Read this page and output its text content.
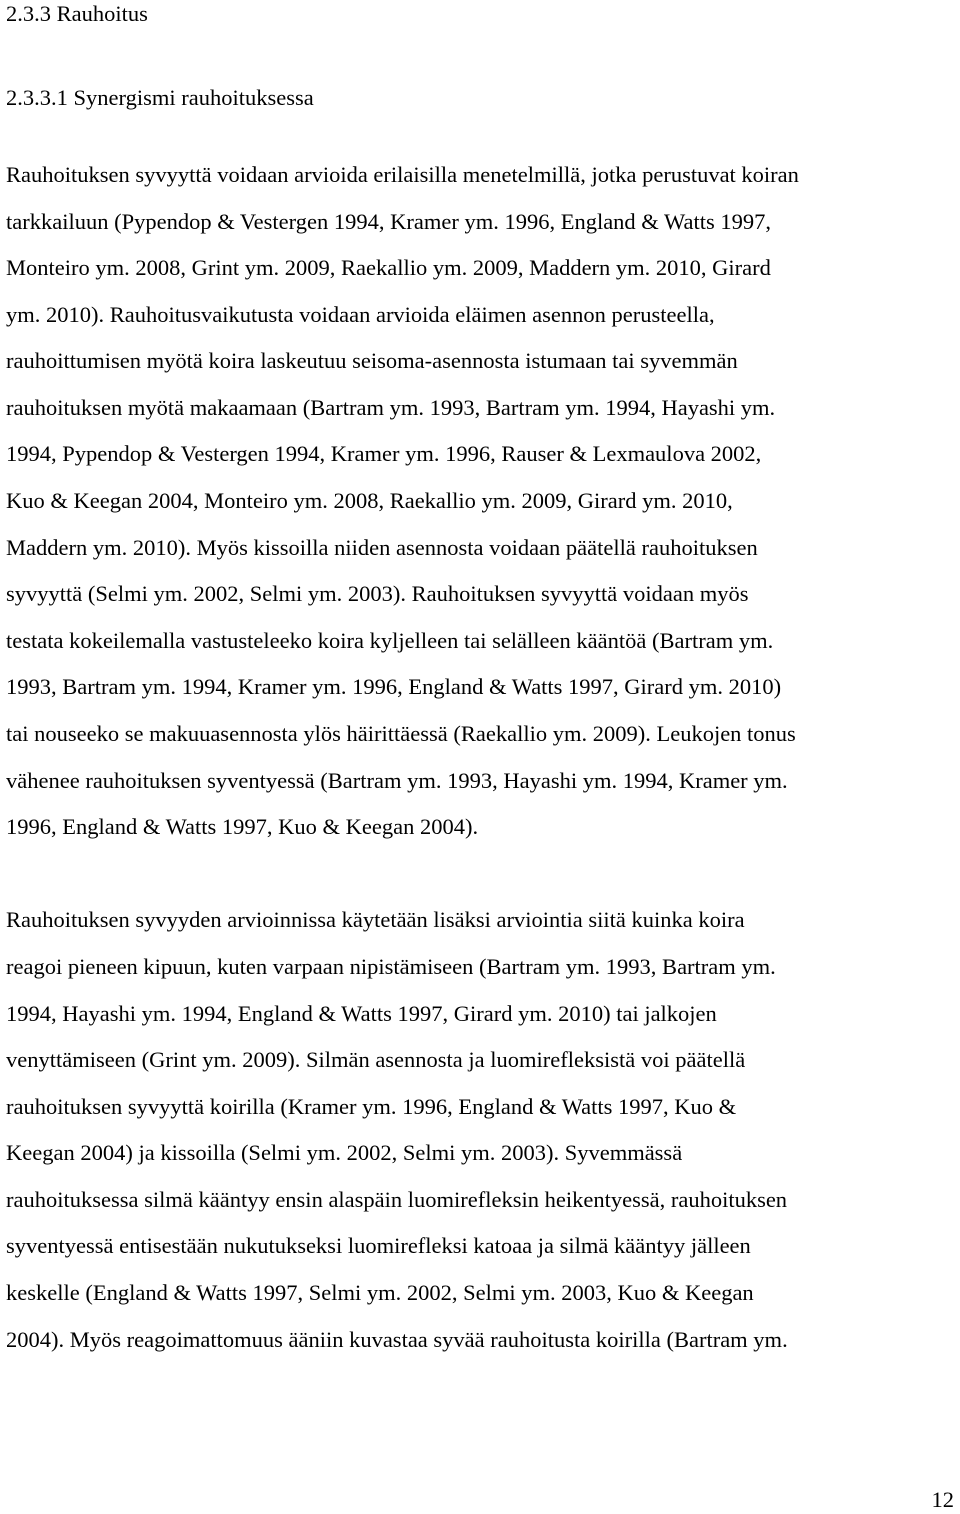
2.3.3 Rauhoitus
2.3.3.1 Synergismi rauhoituksessa
Rauhoituksen syvyyttä voidaan arvioida erilaisilla menetelmillä, jotka perustuvat koiran
tarkkailuun (Pypendop & Vestergen 1994, Kramer ym. 1996, England & Watts 1997,
Monteiro ym. 2008, Grint ym. 2009, Raekallio ym. 2009, Maddern ym. 2010, Girard
ym. 2010). Rauhoitusvaikutusta voidaan arvioida eläimen asennon perusteella,
rauhoittumisen myötä koira laskeutuu seisoma-asennosta istumaan tai syvemmän
rauhoituksen myötä makaamaan (Bartram ym. 1993, Bartram ym. 1994, Hayashi ym.
1994, Pypendop & Vestergen 1994, Kramer ym. 1996, Rauser & Lexmaulova 2002,
Kuo & Keegan 2004, Monteiro ym. 2008, Raekallio ym. 2009, Girard ym. 2010,
Maddern ym. 2010). Myös kissoilla niiden asennosta voidaan päätellä rauhoituksen
syvyyttä (Selmi ym. 2002, Selmi ym. 2003). Rauhoituksen syvyyttä voidaan myös
testata kokeilemalla vastusteleeko koira kyljelleen tai selälleen kääntöä (Bartram ym.
1993, Bartram ym. 1994, Kramer ym. 1996, England & Watts 1997, Girard ym. 2010)
tai nouseeko se makuuasennosta ylös häirittäessä (Raekallio ym. 2009). Leukojen tonus
vähenee rauhoituksen syventyessä (Bartram ym. 1993, Hayashi ym. 1994, Kramer ym.
1996, England & Watts 1997, Kuo & Keegan 2004).
Rauhoituksen syvyyden arvioinnissa käytetään lisäksi arviointia siitä kuinka koira
reagoi pieneen kipuun, kuten varpaan nipistämiseen (Bartram ym. 1993, Bartram ym.
1994, Hayashi ym. 1994, England & Watts 1997, Girard ym. 2010) tai jalkojen
venyttämiseen (Grint ym. 2009). Silmän asennosta ja luomirefleksistä voi päätellä
rauhoituksen syvyyttä koirilla (Kramer ym. 1996, England & Watts 1997, Kuo &
Keegan 2004) ja kissoilla (Selmi ym. 2002, Selmi ym. 2003). Syvemmässä
rauhoituksessa silmä kääntyy ensin alaspäin luomirefleksin heikentyessä, rauhoituksen
syventyessä entisestään nukutukseksi luomirefleksi katoaa ja silmä kääntyy jälleen
keskelle (England & Watts 1997, Selmi ym. 2002, Selmi ym. 2003, Kuo & Keegan
2004). Myös reagoimattomuus ääniin kuvastaa syvää rauhoitusta koirilla (Bartram ym.
12
